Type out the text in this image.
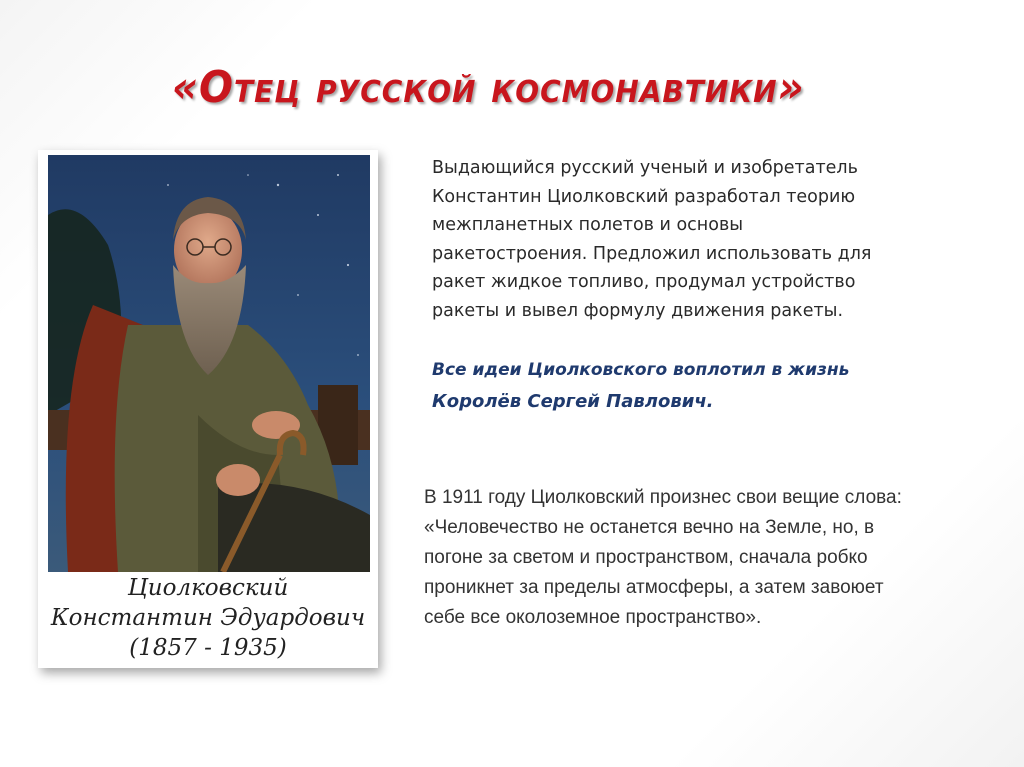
«Отец русской космонавтики»
Циолковский
Константин Эдуардович
(1857 - 1935)

Выдающийся русский ученый и изобретатель

Константин Циолковский разработал теорию

межпланетных полетов и основы

ракетостроения. Предложил использовать для

ракет жидкое топливо, продумал устройство

ракеты и вывел формулу движения ракеты.

Все идеи Циолковского воплотил в жизнь

Королёв Сергей Павлович.

В 1911 году Циолковский произнес свои вещие слова:

«Человечество не останется вечно на Земле, но, в

погоне за светом и пространством, сначала робко

проникнет за пределы атмосферы, а затем завоюет

себе все околоземное пространство».
